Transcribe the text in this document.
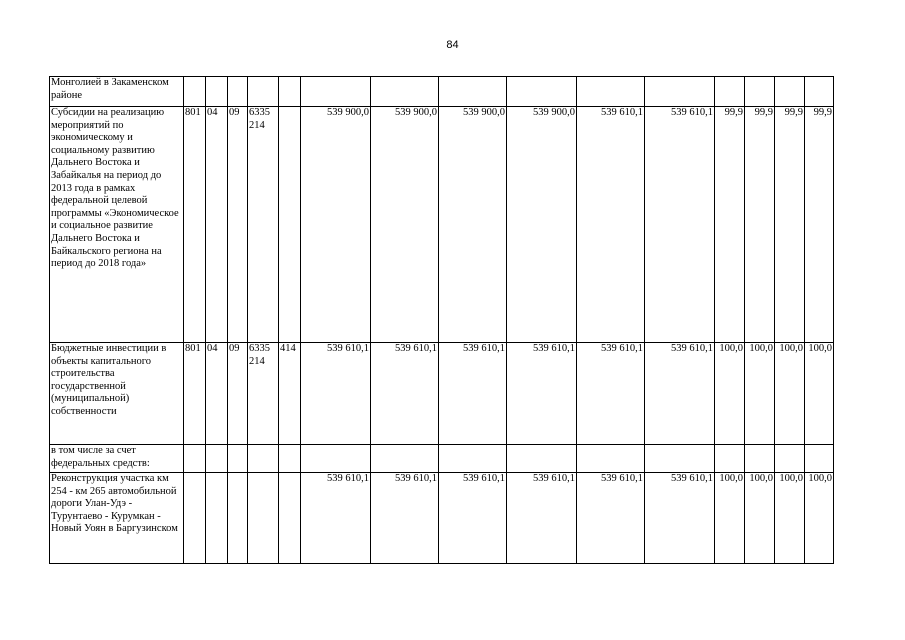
84
Монголией в Закаменском районе															
Субсидии на реализацию мероприятий по экономическому и социальному развитию Дальнего Востока и Забайкалья на период до 2013 года в рамках федеральной целевой программы «Экономическое и социальное развитие Дальнего Востока и Байкальского региона на период до 2018 года»	801	04	09	6335 214		539 900,0	539 900,0	539 900,0	539 900,0	539 610,1	539 610,1	99,9	99,9	99,9	99,9
Бюджетные инвестиции в объекты капитального строительства государственной (муниципальной) собственности	801	04	09	6335 214	414	539 610,1	539 610,1	539 610,1	539 610,1	539 610,1	539 610,1	100,0	100,0	100,0	100,0
в том числе за счет федеральных средств:															
Реконструкция участка км 254 - км 265 автомобильной дороги Улан-Удэ - Турунтаево - Курумкан - Новый Уоян в Баргузинском						539 610,1	539 610,1	539 610,1	539 610,1	539 610,1	539 610,1	100,0	100,0	100,0	100,0
